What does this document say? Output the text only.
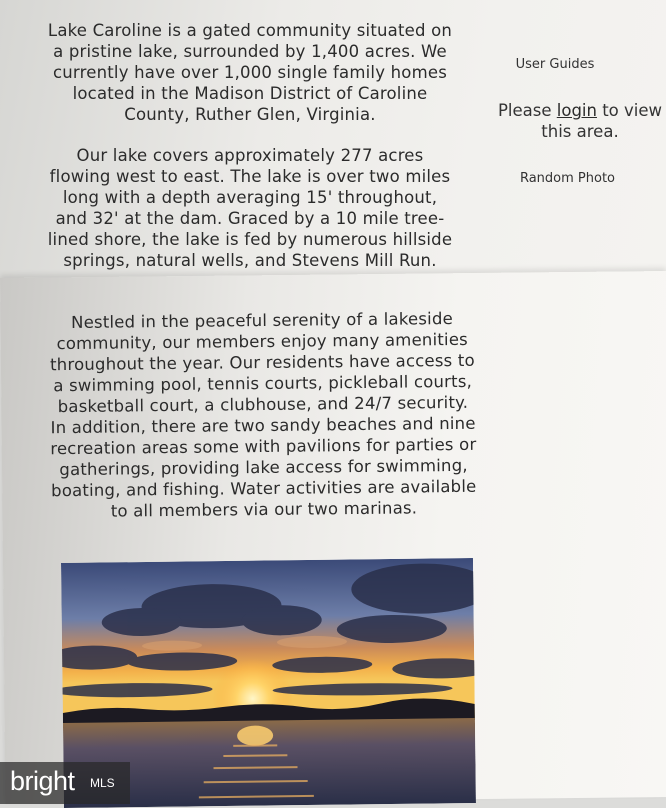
Lake Caroline is a gated community situated on a pristine lake, surrounded by 1,400 acres. We currently have over 1,000 single family homes located in the Madison District of Caroline County, Ruther Glen, Virginia.

Our lake covers approximately 277 acres flowing west to east. The lake is over two miles long with a depth averaging 15' throughout, and 32' at the dam. Graced by a 10 mile tree-lined shore, the lake is fed by numerous hillside springs, natural wells, and Stevens Mill Run.

Nestled in the peaceful serenity of a lakeside community, our members enjoy many amenities throughout the year. Our residents have access to a swimming pool, tennis courts, pickleball courts, basketball court, a clubhouse, and 24/7 security. In addition, there are two sandy beaches and nine recreation areas some with pavilions for parties or gatherings, providing lake access for swimming, boating, and fishing. Water activities are available to all members via our two marinas.

User Guides
Please login to view this area.
Random Photo
bright MLS
